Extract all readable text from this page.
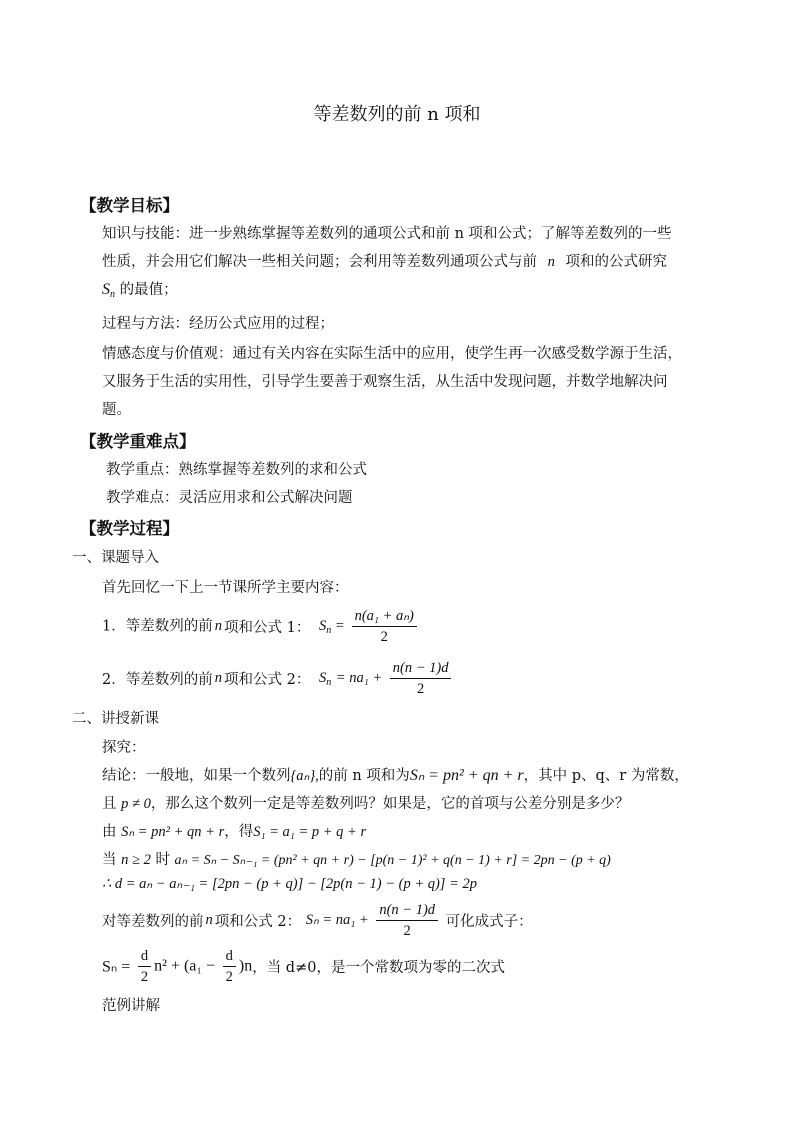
等差数列的前 n 项和
【教学目标】
知识与技能：进一步熟练掌握等差数列的通项公式和前 n 项和公式；了解等差数列的一些
性质，并会用它们解决一些相关问题；会利用等差数列通项公式与前 n 项和的公式研究
$S_n$ 的最值；
过程与方法：经历公式应用的过程；
情感态度与价值观：通过有关内容在实际生活中的应用，使学生再一次感受数学源于生活，
又服务于生活的实用性，引导学生要善于观察生活，从生活中发现问题，并数学地解决问
题。
【教学重难点】
教学重点：熟练掌握等差数列的求和公式
教学难点：灵活应用求和公式解决问题
【教学过程】
一、课题导入
首先回忆一下上一节课所学主要内容：
1．等差数列的前 n 项和公式 1： $S_n = \frac{\text{n(a₁ + aₙ)}}{2}$
2．等差数列的前 n 项和公式 2： $S_n = na_1 + \frac{n(n - 1)d}{2}$
二、讲授新课
探究：
结论：一般地，如果一个数列{aₙ},的前 n 项和为Sₙ = pn² + qn + r，其中 p、q、r 为常数，
且 p ≠ 0，那么这个数列一定是等差数列吗？如果是，它的首项与公差分别是多少？
由 Sₙ = pn² + qn + r，得S₁ = a₁ = p + q + r
当 n ≥ 2 时 aₙ = Sₙ − Sₙ₋₁ = (pn² + qn + r) − [p(n − 1)² + q(n − 1) + r] = 2pn − (p + q)
∴ d = aₙ − aₙ₋₁ = [2pn − (p + q)] − [2p(n − 1) − (p + q)] = 2p
对等差数列的前 n 项和公式 2： $S_n = na_1 + \frac{n(n - 1)d}{2}$ 可化成式子：
$S_n = \frac{d}{2} n^2 + (a_1 - \frac{d}{2} )n$，当 d≠0，是一个常数项为零的二次式
范例讲解
